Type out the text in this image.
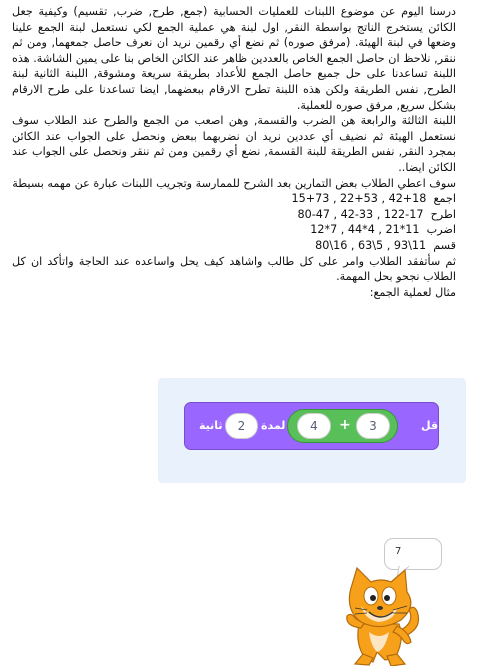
درسنا اليوم عن موضوع اللبنات للعمليات الحسابية (جمع, طرح, ضرب, تقسيم) وكيفية جعل الكائن يستخرج الناتج بواسطة النقر, اول لبنة هي عملية الجمع لكي نستعمل لبنة الجمع علينا وضعها في لبنة الهيئة. (مرفق صوره) ثم نضع أي رقمين نريد ان نعرف حاصل جمعهما, ومن ثم ننقر, نلاحظ ان حاصل الجمع الخاص بالعددين ظاهر عند الكائن الخاص بنا على يمين الشاشة. هذه اللبنة تساعدنا على حل جميع حاصل الجمع للأعداد بطريقة سريعة ومشوقة, اللبنة الثانية لبنة الطرح, نفس الطريقة ولكن هذه اللبنة تطرح الارقام ببعضهما, ايضا تساعدنا على طرح الارقام بشكل سريع, مرفق صوره للعملية.

اللبنة الثالثة والرابعة هن الضرب والقسمة, وهن اصعب من الجمع والطرح عند الطلاب سوف نستعمل الهيئة ثم نضيف أي عددين نريد ان نضربهما ببعض ونحصل على الجواب عند الكائن بمجرد النقر, نفس الطريقة للبنة القسمة, نضع أي رقمين ومن ثم ننقر ونحصل على الجواب عند الكائن ايضا..

سوف اعطي الطلاب بعض التمارين بعد الشرح للممارسة وتجريب اللبنات عبارة عن مهمه بسيطة

اجمع  15+73 , 22+53 , 42+18

اطرح  80-47 , 42-33 , 122-17

اضرب  12*7 , 44*4 , 21*11

قسم  80\16 , 63\5 , 93\11

ثم سأتفقد الطلاب وامر على كل طالب واشاهد كيف يحل واساعده عند الحاجة واتأكد ان كل الطلاب نجحو بحل المهمة.

مثال لعملية الجمع:

ثانية	2	لمدة	4	+	3	قل
7
